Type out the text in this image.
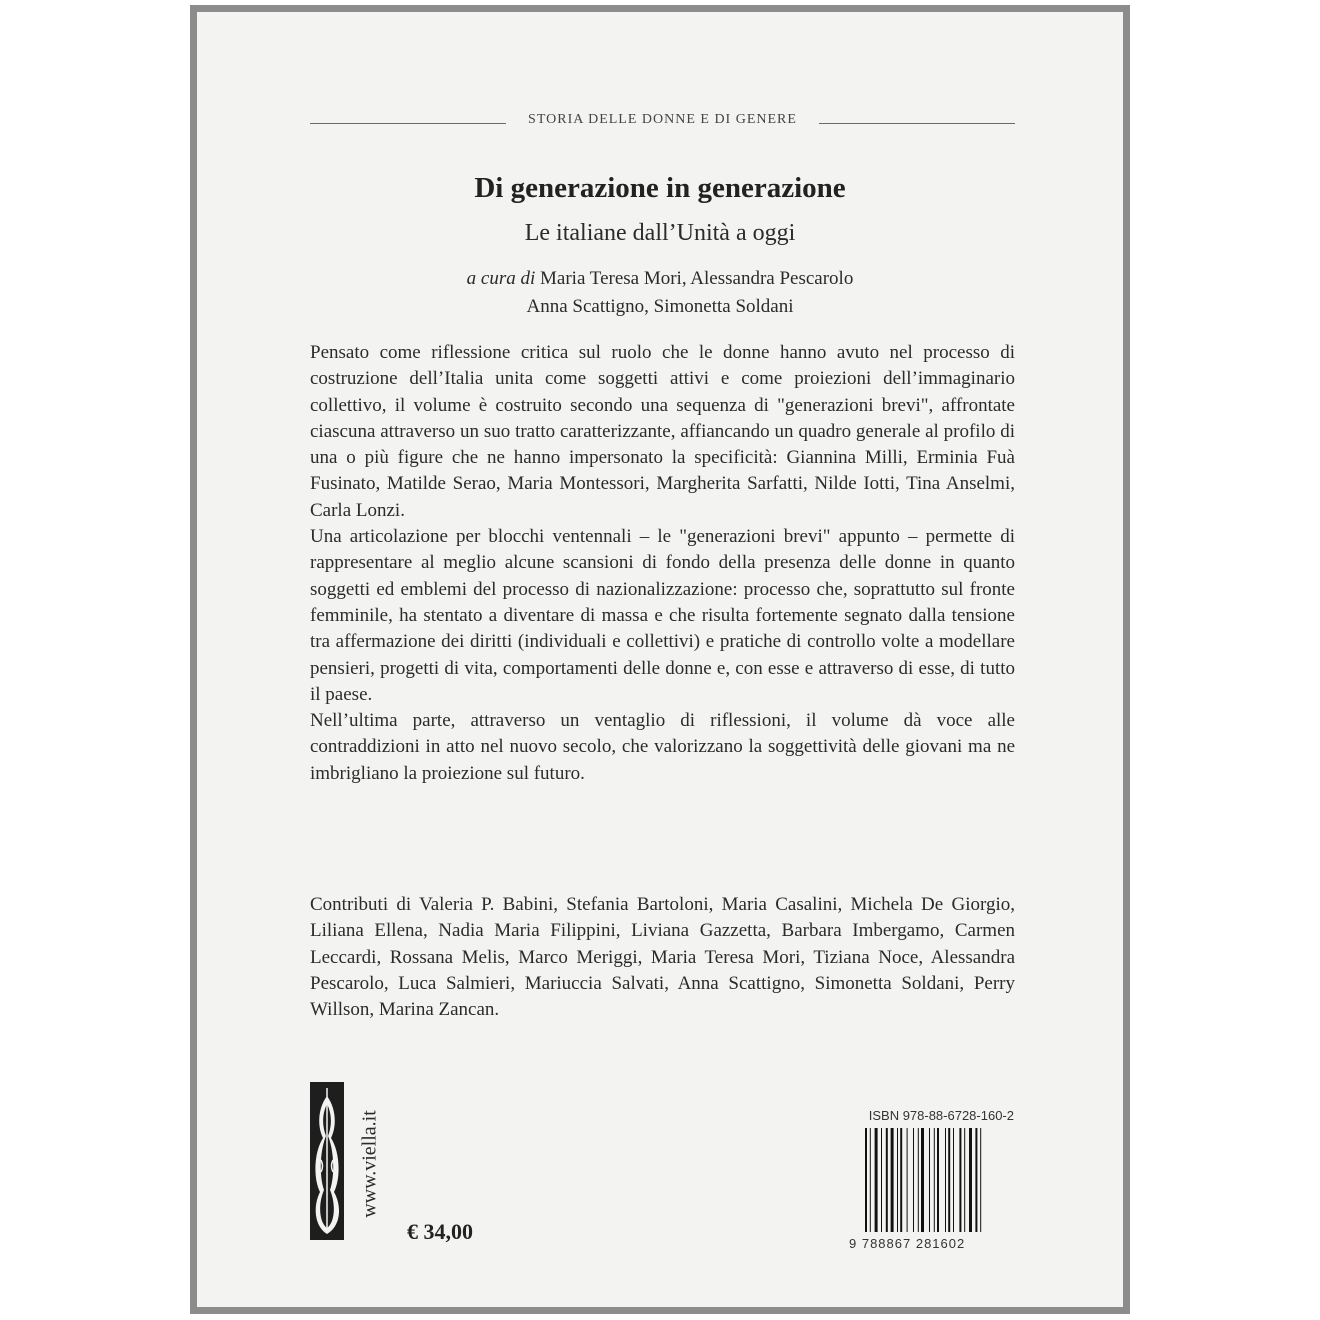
STORIA DELLE DONNE E DI GENERE
Di generazione in generazione
Le italiane dall’Unità a oggi
a cura di Maria Teresa Mori, Alessandra Pescarolo
Anna Scattigno, Simonetta Soldani

Pensato come riflessione critica sul ruolo che le donne hanno avuto nel processo di costruzione dell’Italia unita come soggetti attivi e come proiezioni dell’immaginario collettivo, il volume è costruito secondo una sequenza di "generazioni brevi", affrontate ciascuna attraverso un suo tratto caratterizzante, affiancando un quadro generale al profilo di una o più figure che ne hanno impersonato la specificità: Giannina Milli, Erminia Fuà Fusinato, Matilde Serao, Maria Montessori, Margherita Sarfatti, Nilde Iotti, Tina Anselmi, Carla Lonzi.

Una articolazione per blocchi ventennali – le "generazioni brevi" appunto – permette di rappresentare al meglio alcune scansioni di fondo della presenza delle donne in quanto soggetti ed emblemi del processo di nazionalizzazione: processo che, soprattutto sul fronte femminile, ha stentato a diventare di massa e che risulta fortemente segnato dalla tensione tra affermazione dei diritti (individuali e collettivi) e pratiche di controllo volte a modellare pensieri, progetti di vita, comportamenti delle donne e, con esse e attraverso di esse, di tutto il paese.

Nell’ultima parte, attraverso un ventaglio di riflessioni, il volume dà voce alle contraddizioni in atto nel nuovo secolo, che valorizzano la soggettività delle giovani ma ne imbrigliano la proiezione sul futuro.

Contributi di Valeria P. Babini, Stefania Bartoloni, Maria Casalini, Michela De Giorgio, Liliana Ellena, Nadia Maria Filippini, Liviana Gazzetta, Barbara Imbergamo, Carmen Leccardi, Rossana Melis, Marco Meriggi, Maria Teresa Mori, Tiziana Noce, Alessandra Pescarolo, Luca Salmieri, Mariuccia Salvati, Anna Scattigno, Simonetta Soldani, Perry Willson, Marina Zancan.
www.viella.it
€ 34,00
ISBN 978-88-6728-160-2
9 788867 281602
